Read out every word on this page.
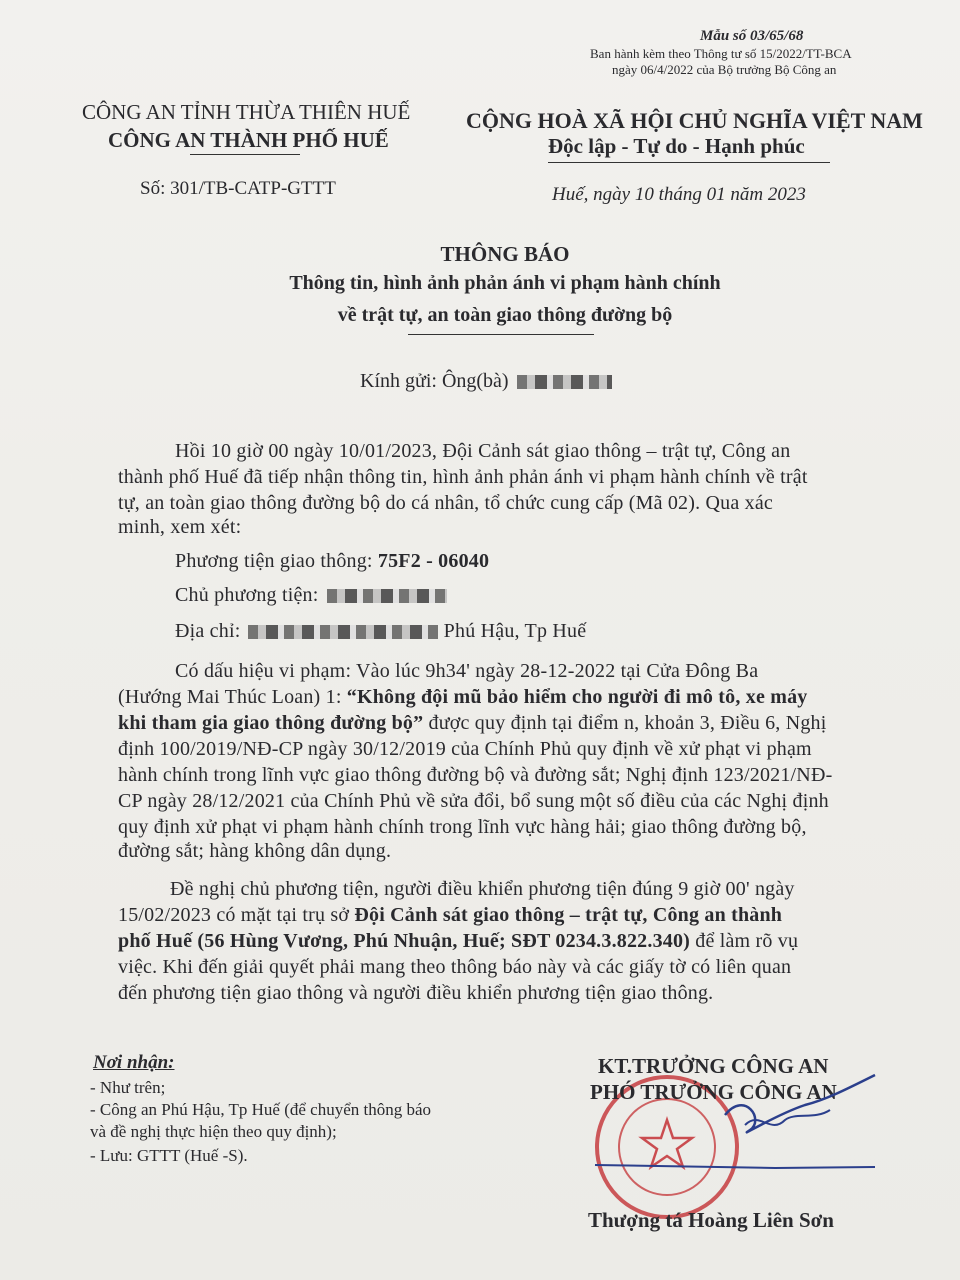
Mẫu số 03/65/68
Ban hành kèm theo Thông tư số 15/2022/TT-BCA
ngày 06/4/2022 của Bộ trưởng Bộ Công an
CÔNG AN TỈNH THỪA THIÊN HUẾ
CÔNG AN THÀNH PHỐ HUẾ
Số: 301/TB-CATP-GTTT
CỘNG HOÀ XÃ HỘI CHỦ NGHĨA VIỆT NAM
Độc lập - Tự do - Hạnh phúc
Huế, ngày 10 tháng 01 năm 2023
THÔNG BÁO
Thông tin, hình ảnh phản ánh vi phạm hành chính
về trật tự, an toàn giao thông đường bộ
Kính gửi: Ông(bà)
Hồi 10 giờ 00 ngày 10/01/2023, Đội Cảnh sát giao thông – trật tự, Công an
thành phố Huế đã tiếp nhận thông tin, hình ảnh phản ánh vi phạm hành chính về trật
tự, an toàn giao thông đường bộ do cá nhân, tổ chức cung cấp (Mã 02). Qua xác
minh, xem xét:
Phương tiện giao thông: 75F2 - 06040
Chủ phương tiện:
Địa chỉ:	Phú Hậu, Tp Huế
Có dấu hiệu vi phạm: Vào lúc 9h34' ngày 28-12-2022 tại Cửa Đông Ba
(Hướng Mai Thúc Loan) 1: “Không đội mũ bảo hiểm cho người đi mô tô, xe máy
khi tham gia giao thông đường bộ” được quy định tại điểm n, khoản 3, Điều 6, Nghị
định 100/2019/NĐ-CP ngày 30/12/2019 của Chính Phủ quy định về xử phạt vi phạm
hành chính trong lĩnh vực giao thông đường bộ và đường sắt; Nghị định 123/2021/NĐ-
CP ngày 28/12/2021 của Chính Phủ về sửa đổi, bổ sung một số điều của các Nghị định
quy định xử phạt vi phạm hành chính trong lĩnh vực hàng hải; giao thông đường bộ,
đường sắt; hàng không dân dụng.
Đề nghị chủ phương tiện, người điều khiển phương tiện đúng 9 giờ 00' ngày
15/02/2023 có mặt tại trụ sở Đội Cảnh sát giao thông – trật tự, Công an thành
phố Huế (56 Hùng Vương, Phú Nhuận, Huế; SĐT 0234.3.822.340) để làm rõ vụ
việc. Khi đến giải quyết phải mang theo thông báo này và các giấy tờ có liên quan
đến phương tiện giao thông và người điều khiển phương tiện giao thông.
Nơi nhận:
- Như trên;
- Công an Phú Hậu, Tp Huế (để chuyển thông báo
và đề nghị thực hiện theo quy định);
- Lưu: GTTT (Huế -S).
KT.TRƯỞNG CÔNG AN
PHÓ TRƯỞNG CÔNG AN
Thượng tá Hoàng Liên Sơn
